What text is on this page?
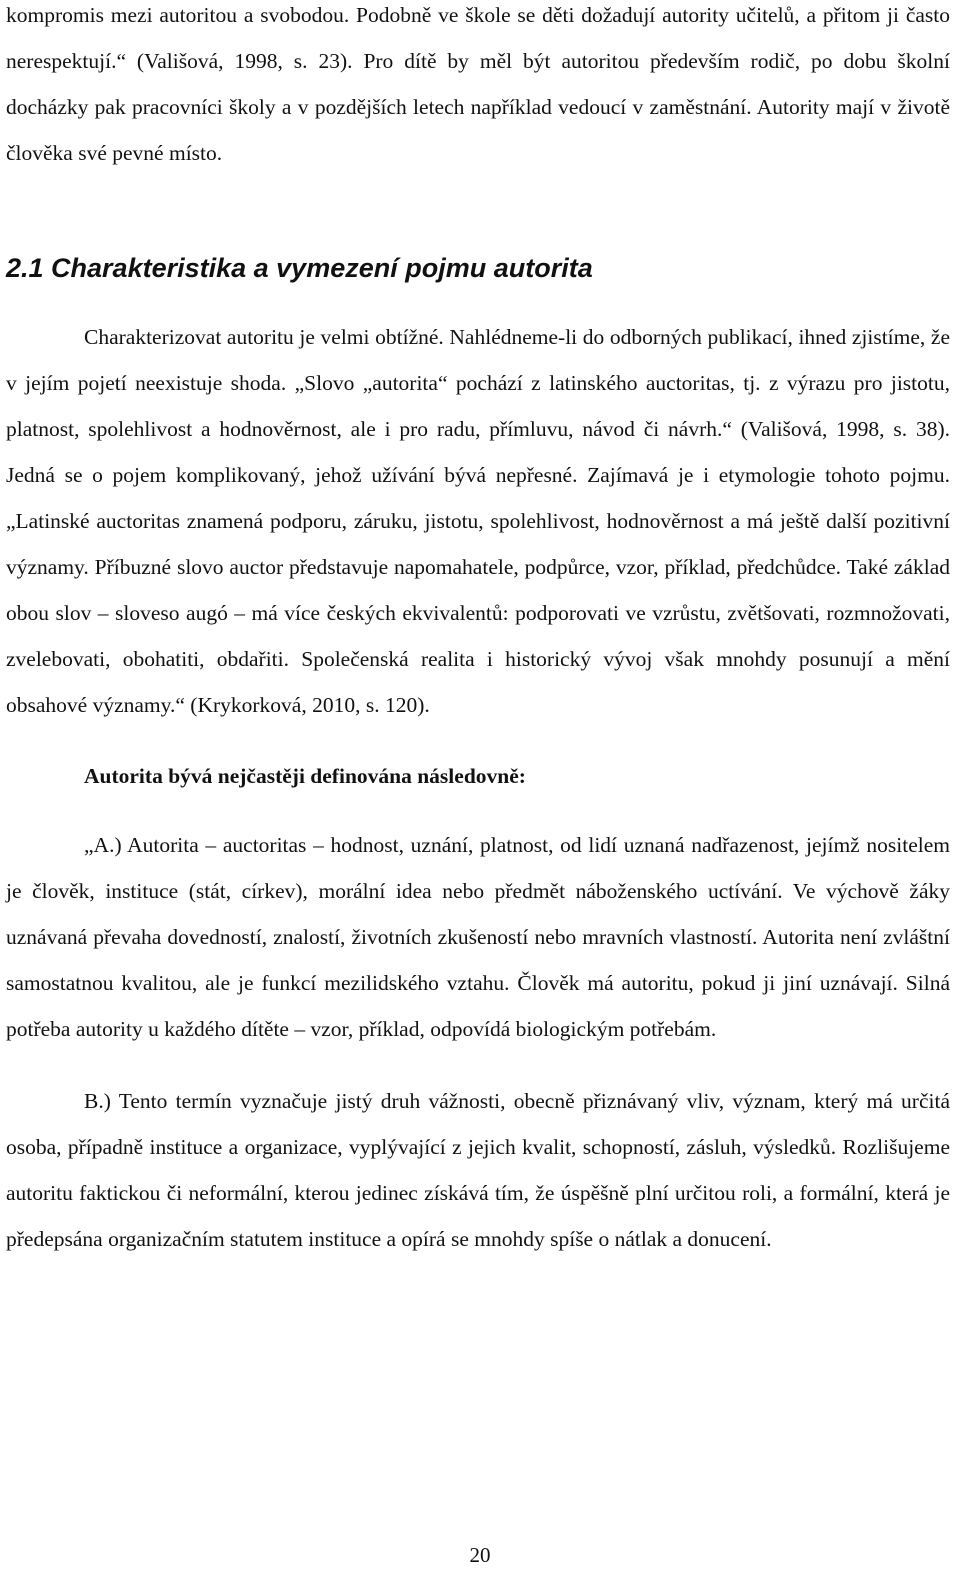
kompromis mezi autoritou a svobodou. Podobně ve škole se děti dožadují autority učitelů, a přitom ji často nerespektují.“ (Vališová, 1998, s. 23). Pro dítě by měl být autoritou především rodič, po dobu školní docházky pak pracovníci školy a v pozdějších letech například vedoucí v zaměstnání. Autority mají v životě člověka své pevné místo.

2.1 Charakteristika a vymezení pojmu autorita

Charakterizovat autoritu je velmi obtížné. Nahlédneme-li do odborných publikací, ihned zjistíme, že v jejím pojetí neexistuje shoda. „Slovo „autorita“ pochází z latinského auctoritas, tj. z výrazu pro jistotu, platnost, spolehlivost a hodnověrnost, ale i pro radu, přímluvu, návod či návrh.“ (Vališová, 1998, s. 38). Jedná se o pojem komplikovaný, jehož užívání bývá nepřesné. Zajímavá je i etymologie tohoto pojmu. „Latinské auctoritas znamená podporu, záruku, jistotu, spolehlivost, hodnověrnost a má ještě další pozitivní významy. Příbuzné slovo auctor představuje napomahatele, podpůrce, vzor, příklad, předchůdce. Také základ obou slov – sloveso augó – má více českých ekvivalentů: podporovati ve vzrůstu, zvětšovati, rozmnožovati, zvelebovati, obohatiti, obdařiti. Společenská realita i historický vývoj však mnohdy posunují a mění obsahové významy.“ (Krykorková, 2010, s. 120).

Autorita bývá nejčastěji definována následovně:

„A.) Autorita – auctoritas – hodnost, uznání, platnost, od lidí uznaná nadřazenost, jejímž nositelem je člověk, instituce (stát, církev), morální idea nebo předmět náboženského uctívání. Ve výchově žáky uznávaná převaha dovedností, znalostí, životních zkušeností nebo mravních vlastností. Autorita není zvláštní samostatnou kvalitou, ale je funkcí mezilidského vztahu. Člověk má autoritu, pokud ji jiní uznávají. Silná potřeba autority u každého dítěte – vzor, příklad, odpovídá biologickým potřebám.

B.) Tento termín vyznačuje jistý druh vážnosti, obecně přiznávaný vliv, význam, který má určitá osoba, případně instituce a organizace, vyplývající z jejich kvalit, schopností, zásluh, výsledků. Rozlišujeme autoritu faktickou či neformální, kterou jedinec získává tím, že úspěšně plní určitou roli, a formální, která je předepsána organizačním statutem instituce a opírá se mnohdy spíše o nátlak a donucení.

20
